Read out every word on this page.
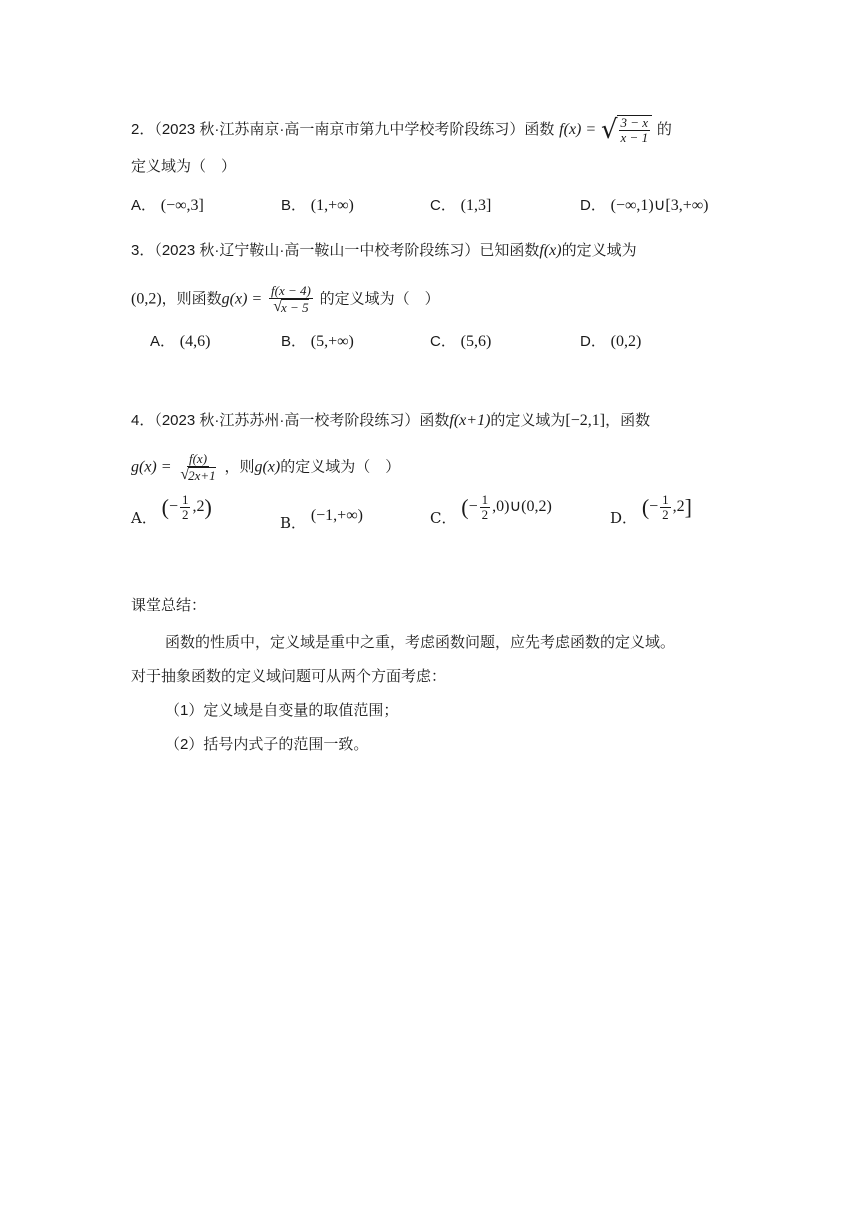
2．（2023 秋·江苏南京·高一南京市第九中学校考阶段练习）函数 f(x) = √ $\frac{3 - x}{x - 1}$ 的
定义域为（　）
A． (−∞,3]	B． (1,+∞)	C． (1,3]	D． (−∞,1)∪[3,+∞)
3．（2023 秋·辽宁鞍山·高一鞍山一中校考阶段练习）已知函数f(x)的定义域为
(0,2)，则函数$g(x) = \frac{f(x - 4)}{√ x - 5}$ 的定义域为（　）
A． (4,6)	B． (5,+∞)	C． (5,6)	D． (0,2)
4．（2023 秋·江苏苏州·高一校考阶段练习）函数f(x+1)的定义域为[−2,1]，函数
$g(x) = \frac{f(x)}{√ 2x+1}$ ，则g(x)的定义域为（　）
A． (− $\frac{1}{2} ,2$)
B． (−1,+∞)	C． (− $\frac{1}{2}$ ,0)∪(0,2)
D． (− $\frac{1}{2} ,2$]
课堂总结：
函数的性质中，定义域是重中之重，考虑函数问题，应先考虑函数的定义域。
对于抽象函数的定义域问题可从两个方面考虑：
（1）定义域是自变量的取值范围；
（2）括号内式子的范围一致。
